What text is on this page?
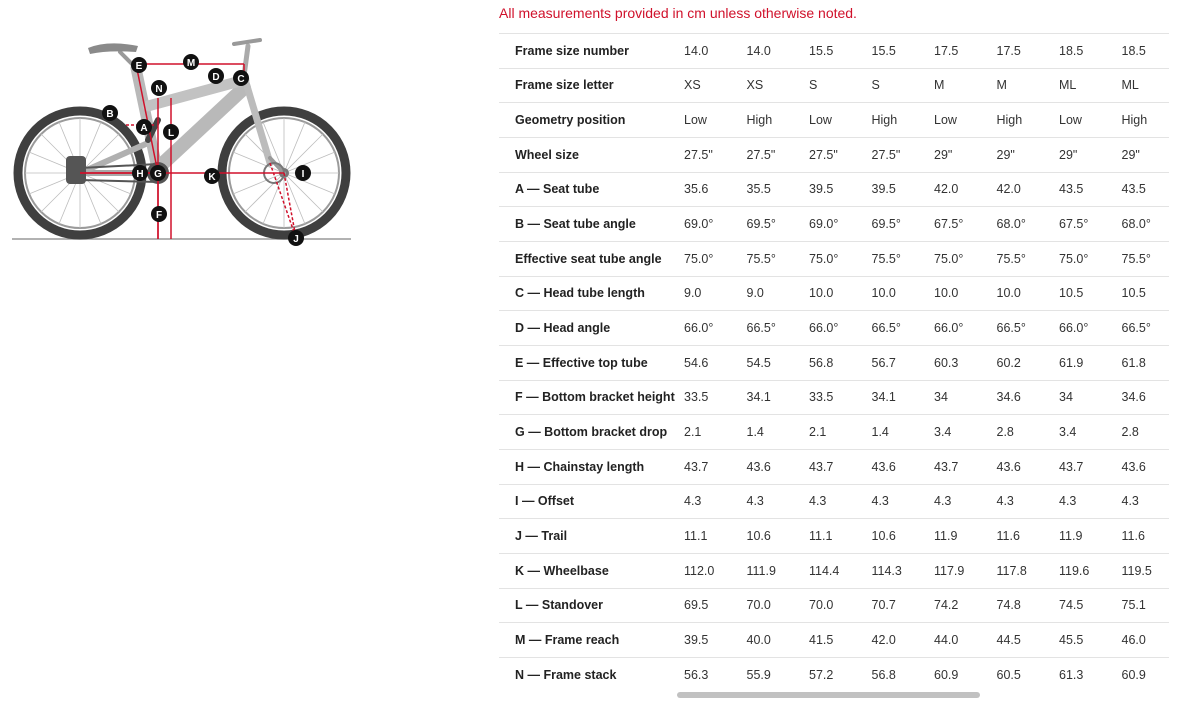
A
B
C
D
E
F
G
H	I
J
K
L
M
N

All measurements provided in cm unless otherwise noted.

Frame size number	14.0	14.0	15.5	15.5	17.5	17.5	18.5	18.5
Frame size letter	XS	XS	S	S	M	M	ML	ML
Geometry position	Low	High	Low	High	Low	High	Low	High
Wheel size	27.5"	27.5"	27.5"	27.5"	29"	29"	29"	29"
A — Seat tube	35.6	35.5	39.5	39.5	42.0	42.0	43.5	43.5
B — Seat tube angle	69.0°	69.5°	69.0°	69.5°	67.5°	68.0°	67.5°	68.0°
Effective seat tube angle	75.0°	75.5°	75.0°	75.5°	75.0°	75.5°	75.0°	75.5°
C — Head tube length	9.0	9.0	10.0	10.0	10.0	10.0	10.5	10.5
D — Head angle	66.0°	66.5°	66.0°	66.5°	66.0°	66.5°	66.0°	66.5°
E — Effective top tube	54.6	54.5	56.8	56.7	60.3	60.2	61.9	61.8
F — Bottom bracket height	33.5	34.1	33.5	34.1	34	34.6	34	34.6
G — Bottom bracket drop	2.1	1.4	2.1	1.4	3.4	2.8	3.4	2.8
H — Chainstay length	43.7	43.6	43.7	43.6	43.7	43.6	43.7	43.6
I — Offset	4.3	4.3	4.3	4.3	4.3	4.3	4.3	4.3
J — Trail	11.1	10.6	11.1	10.6	11.9	11.6	11.9	11.6
K — Wheelbase	112.0	111.9	114.4	114.3	117.9	117.8	119.6	119.5
L — Standover	69.5	70.0	70.0	70.7	74.2	74.8	74.5	75.1
M — Frame reach	39.5	40.0	41.5	42.0	44.0	44.5	45.5	46.0
N — Frame stack	56.3	55.9	57.2	56.8	60.9	60.5	61.3	60.9
